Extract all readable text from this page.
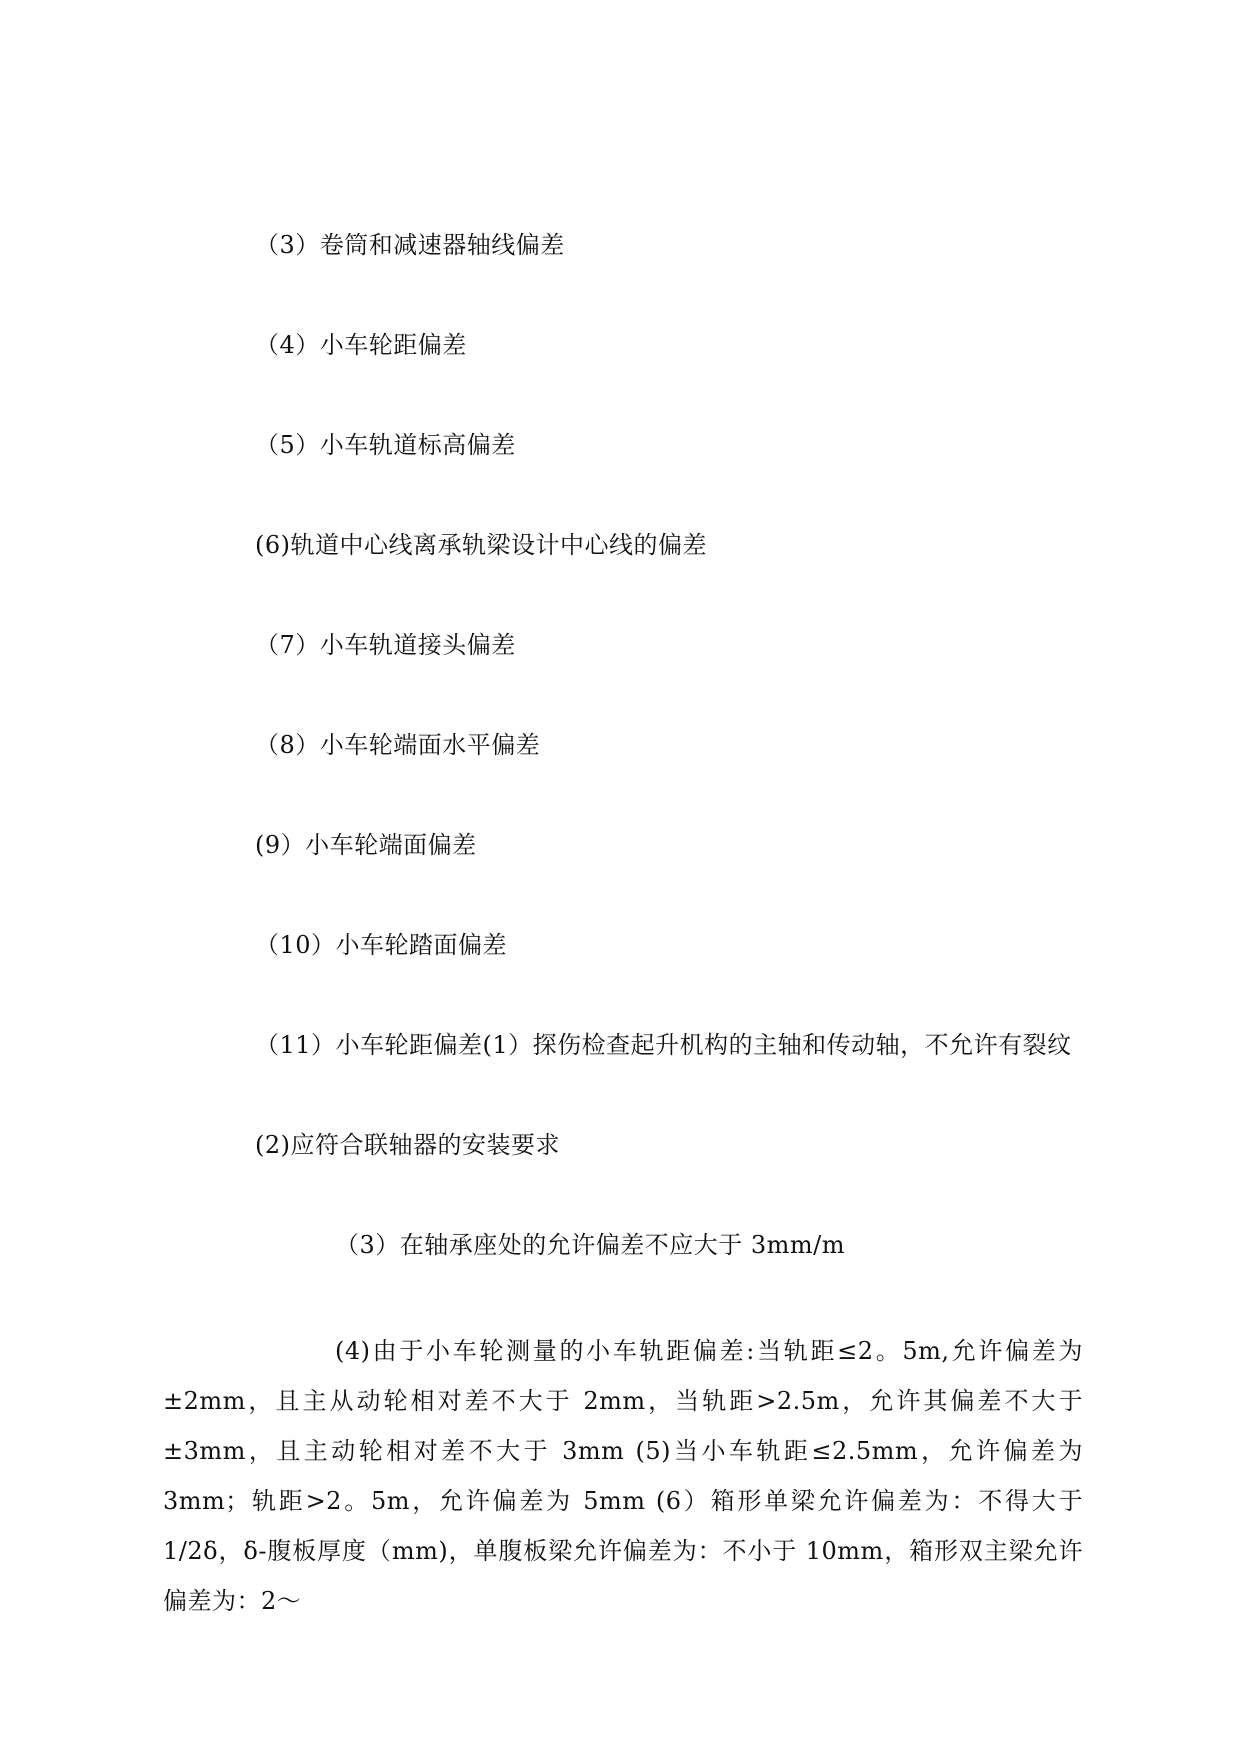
（3）卷筒和减速器轴线偏差
（4）小车轮距偏差
（5）小车轨道标高偏差
(6)轨道中心线离承轨梁设计中心线的偏差
（7）小车轨道接头偏差
（8）小车轮端面水平偏差
(9）小车轮端面偏差
（10）小车轮踏面偏差
（11）小车轮距偏差(1）探伤检查起升机构的主轴和传动轴，不允许有裂纹
(2)应符合联轴器的安装要求
（3）在轴承座处的允许偏差不应大于 3mm/m
(4)由于小车轮测量的小车轨距偏差:当轨距≤2。5m,允许偏差为±2mm，且主从动轮相对差不大于 2mm，当轨距>2.5m，允许其偏差不大于±3mm，且主动轮相对差不大于 3mm (5)当小车轨距≤2.5mm，允许偏差为 3mm；轨距>2。5m，允许偏差为 5mm (6）箱形单梁允许偏差为：不得大于 1/2δ，δ-腹板厚度（mm)，单腹板梁允许偏差为：不小于 10mm，箱形双主梁允许偏差为：2～
